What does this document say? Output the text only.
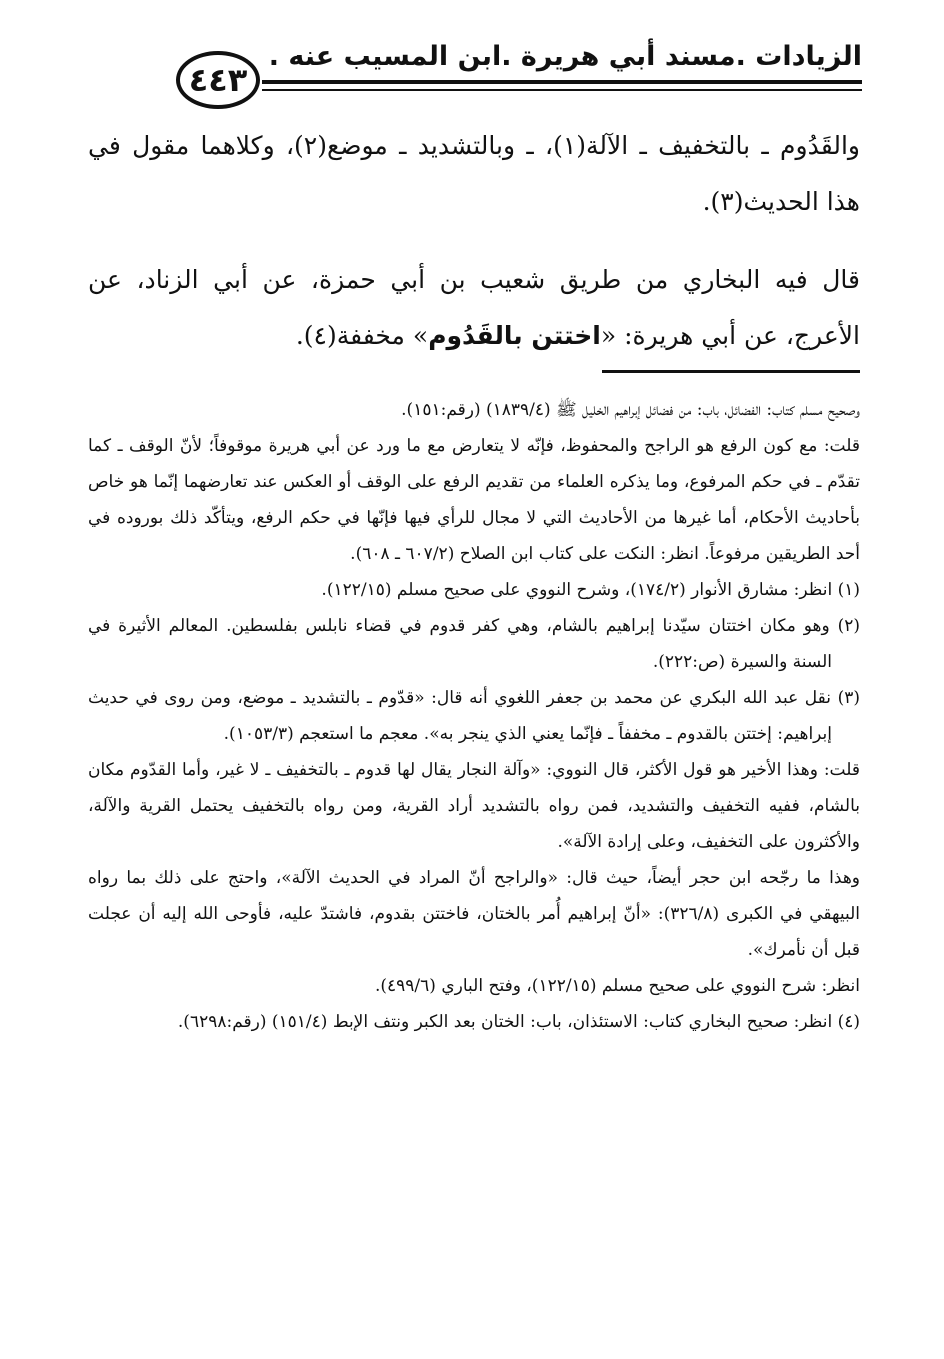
الزيادات .مسند أبي هريرة .ابن المسيب عنه .
٤٤٣

والقَدُوم ـ بالتخفيف ـ الآلة(١)، ـ وبالتشديد ـ موضع(٢)، وكلاهما مقول في هذا الحديث(٣).

قال فيه البخاري من طريق شعيب بن أبي حمزة، عن أبي الزناد، عن الأعرج، عن أبي هريرة: «اختتن بالقَدُوم» مخففة(٤).

وصحيح مسلم كتاب: الفضائل، باب: من فضائل إبراهيم الخليل ﷺ (١٨٣٩/٤) (رقم:١٥١).

قلت: مع كون الرفع هو الراجح والمحفوظ، فإنّه لا يتعارض مع ما ورد عن أبي هريرة موقوفاً؛ لأنّ الوقف ـ كما تقدّم ـ في حكم المرفوع، وما يذكره العلماء من تقديم الرفع على الوقف أو العكس عند تعارضهما إنّما هو خاص بأحاديث الأحكام، أما غيرها من الأحاديث التي لا مجال للرأي فيها فإنّها في حكم الرفع، ويتأكّد ذلك بوروده في أحد الطريقين مرفوعاً. انظر: النكت على كتاب ابن الصلاح (٦٠٧/٢ ـ ٦٠٨).

(١) انظر: مشارق الأنوار (١٧٤/٢)، وشرح النووي على صحيح مسلم (١٢٢/١٥).

(٢) وهو مكان اختتان سيّدنا إبراهيم بالشام، وهي كفر قدوم في قضاء نابلس بفلسطين. المعالم الأثيرة في السنة والسيرة (ص:٢٢٢).

(٣) نقل عبد الله البكري عن محمد بن جعفر اللغوي أنه قال: «قدّوم ـ بالتشديد ـ موضع، ومن روى في حديث إبراهيم: إختتن بالقدوم ـ مخففاً ـ فإنّما يعني الذي ينجر به». معجم ما استعجم (١٠٥٣/٣).

قلت: وهذا الأخير هو قول الأكثر، قال النووي: «وآلة النجار يقال لها قدوم ـ بالتخفيف ـ لا غير، وأما القدّوم مكان بالشام، ففيه التخفيف والتشديد، فمن رواه بالتشديد أراد القرية، ومن رواه بالتخفيف يحتمل القرية والآلة، والأكثرون على التخفيف، وعلى إرادة الآلة».

وهذا ما رجّحه ابن حجر أيضاً، حيث قال: «والراجح أنّ المراد في الحديث الآلة»، واحتج على ذلك بما رواه البيهقي في الكبرى (٣٢٦/٨): «أنّ إبراهيم أُمر بالختان، فاختتن بقدوم، فاشتدّ عليه، فأوحى الله إليه أن عجلت قبل أن نأمرك».

انظر: شرح النووي على صحيح مسلم (١٢٢/١٥)، وفتح الباري (٤٩٩/٦).

(٤) انظر: صحيح البخاري كتاب: الاستئذان، باب: الختان بعد الكبر ونتف الإبط (١٥١/٤) (رقم:٦٢٩٨).
